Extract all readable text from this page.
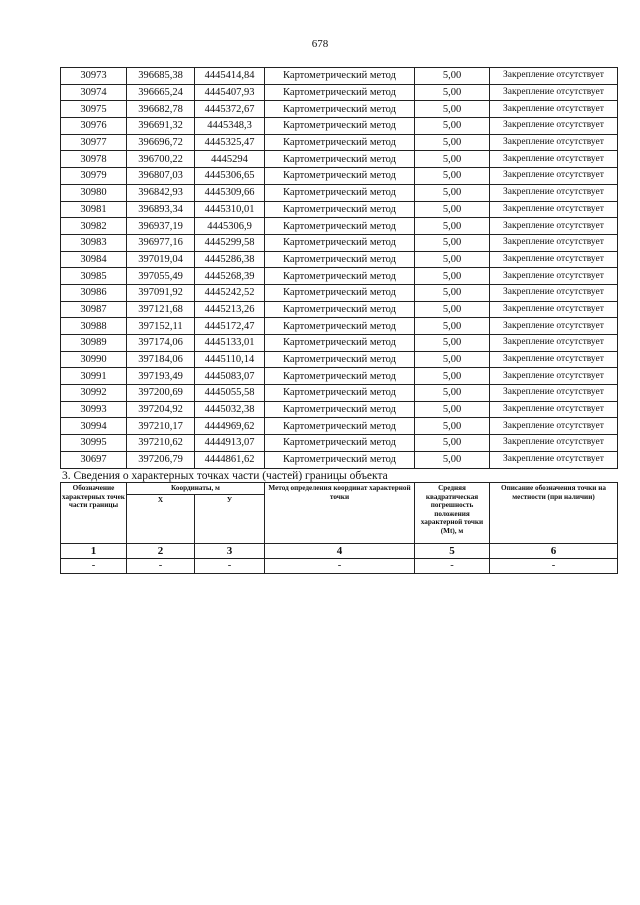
678
30973	396685,38	4445414,84	Картометрический метод	5,00	Закрепление отсутствует
30974	396665,24	4445407,93	Картометрический метод	5,00	Закрепление отсутствует
30975	396682,78	4445372,67	Картометрический метод	5,00	Закрепление отсутствует
30976	396691,32	4445348,3	Картометрический метод	5,00	Закрепление отсутствует
30977	396696,72	4445325,47	Картометрический метод	5,00	Закрепление отсутствует
30978	396700,22	4445294	Картометрический метод	5,00	Закрепление отсутствует
30979	396807,03	4445306,65	Картометрический метод	5,00	Закрепление отсутствует
30980	396842,93	4445309,66	Картометрический метод	5,00	Закрепление отсутствует
30981	396893,34	4445310,01	Картометрический метод	5,00	Закрепление отсутствует
30982	396937,19	4445306,9	Картометрический метод	5,00	Закрепление отсутствует
30983	396977,16	4445299,58	Картометрический метод	5,00	Закрепление отсутствует
30984	397019,04	4445286,38	Картометрический метод	5,00	Закрепление отсутствует
30985	397055,49	4445268,39	Картометрический метод	5,00	Закрепление отсутствует
30986	397091,92	4445242,52	Картометрический метод	5,00	Закрепление отсутствует
30987	397121,68	4445213,26	Картометрический метод	5,00	Закрепление отсутствует
30988	397152,11	4445172,47	Картометрический метод	5,00	Закрепление отсутствует
30989	397174,06	4445133,01	Картометрический метод	5,00	Закрепление отсутствует
30990	397184,06	4445110,14	Картометрический метод	5,00	Закрепление отсутствует
30991	397193,49	4445083,07	Картометрический метод	5,00	Закрепление отсутствует
30992	397200,69	4445055,58	Картометрический метод	5,00	Закрепление отсутствует
30993	397204,92	4445032,38	Картометрический метод	5,00	Закрепление отсутствует
30994	397210,17	4444969,62	Картометрический метод	5,00	Закрепление отсутствует
30995	397210,62	4444913,07	Картометрический метод	5,00	Закрепление отсутствует
30697	397206,79	4444861,62	Картометрический метод	5,00	Закрепление отсутствует
3. Сведения о характерных точках части (частей) границы объекта
Обозначение характерных точек части границы	Координаты, м		Метод определения координат характерной точки	Средняя квадратическая погрешность положения характерной точки (Mt), м	Описание обозначения точки на местности (при наличии)
	X	У			
1	2	3	4	5	6
-	-	-	-	-	-
